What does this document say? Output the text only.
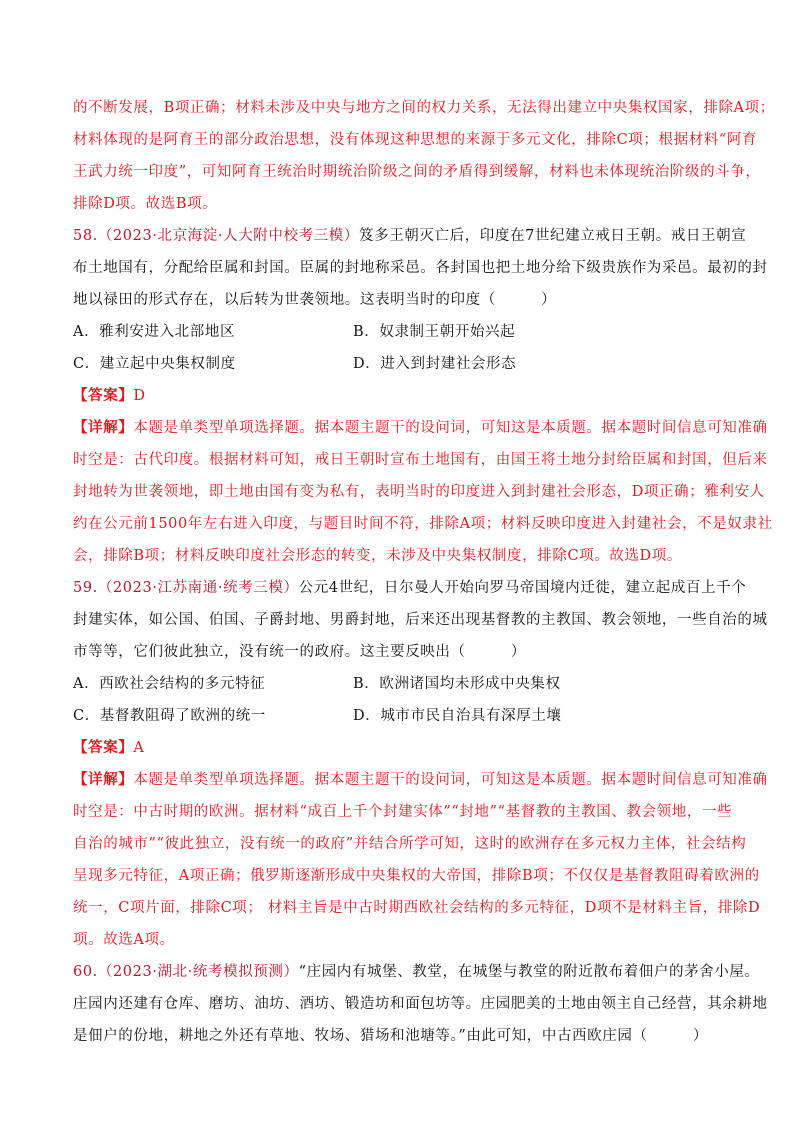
的不断发展，B项正确；材料未涉及中央与地方之间的权力关系，无法得出建立中央集权国家，排除A项；
材料体现的是阿育王的部分政治思想，没有体现这种思想的来源于多元文化，排除C项；根据材料“阿育
王武力统一印度”，可知阿育王统治时期统治阶级之间的矛盾得到缓解，材料也未体现统治阶级的斗争，
排除D项。故选B项。
58.（2023·北京海淀·人大附中校考三模）笈多王朝灭亡后，印度在7世纪建立戒日王朝。戒日王朝宣
布土地国有，分配给臣属和封国。臣属的封地称采邑。各封国也把土地分给下级贵族作为采邑。最初的封
地以禄田的形式存在，以后转为世袭领地。这表明当时的印度（　　　）
A．雅利安进入北部地区	B．奴隶制王朝开始兴起
C．建立起中央集权制度	D．进入到封建社会形态
【答案】D
【详解】本题是单类型单项选择题。据本题主题干的设问词，可知这是本质题。据本题时间信息可知准确
时空是：古代印度。根据材料可知，戒日王朝时宣布土地国有，由国王将土地分封给臣属和封国，但后来
封地转为世袭领地，即土地由国有变为私有，表明当时的印度进入到封建社会形态，D项正确；雅利安人
约在公元前1500年左右进入印度，与题目时间不符，排除A项；材料反映印度进入封建社会，不是奴隶社
会，排除B项；材料反映印度社会形态的转变，未涉及中央集权制度，排除C项。故选D项。
59.（2023·江苏南通·统考三模）公元4世纪，日尔曼人开始向罗马帝国境内迁徙，建立起成百上千个
封建实体，如公国、伯国、子爵封地、男爵封地，后来还出现基督教的主教国、教会领地，一些自治的城
市等等，它们彼此独立，没有统一的政府。这主要反映出（　　　）
A．西欧社会结构的多元特征	B．欧洲诸国均未形成中央集权
C．基督教阻碍了欧洲的统一	D．城市市民自治具有深厚土壤
【答案】A
【详解】本题是单类型单项选择题。据本题主题干的设问词，可知这是本质题。据本题时间信息可知准确
时空是：中古时期的欧洲。据材料“成百上千个封建实体”“封地”“基督教的主教国、教会领地，一些
自治的城市”“彼此独立，没有统一的政府”并结合所学可知，这时的欧洲存在多元权力主体，社会结构
呈现多元特征，A项正确；俄罗斯逐渐形成中央集权的大帝国，排除B项；不仅仅是基督教阻碍着欧洲的
统一，C项片面，排除C项； 材料主旨是中古时期西欧社会结构的多元特征，D项不是材料主旨，排除D
项。故选A项。
60.（2023·湖北·统考模拟预测）“庄园内有城堡、教堂，在城堡与教堂的附近散布着佃户的茅舍小屋。
庄园内还建有仓库、磨坊、油坊、酒坊、锻造坊和面包坊等。庄园肥美的土地由领主自己经营，其余耕地
是佃户的份地，耕地之外还有草地、牧场、猎场和池塘等。”由此可知，中古西欧庄园（　　　）
